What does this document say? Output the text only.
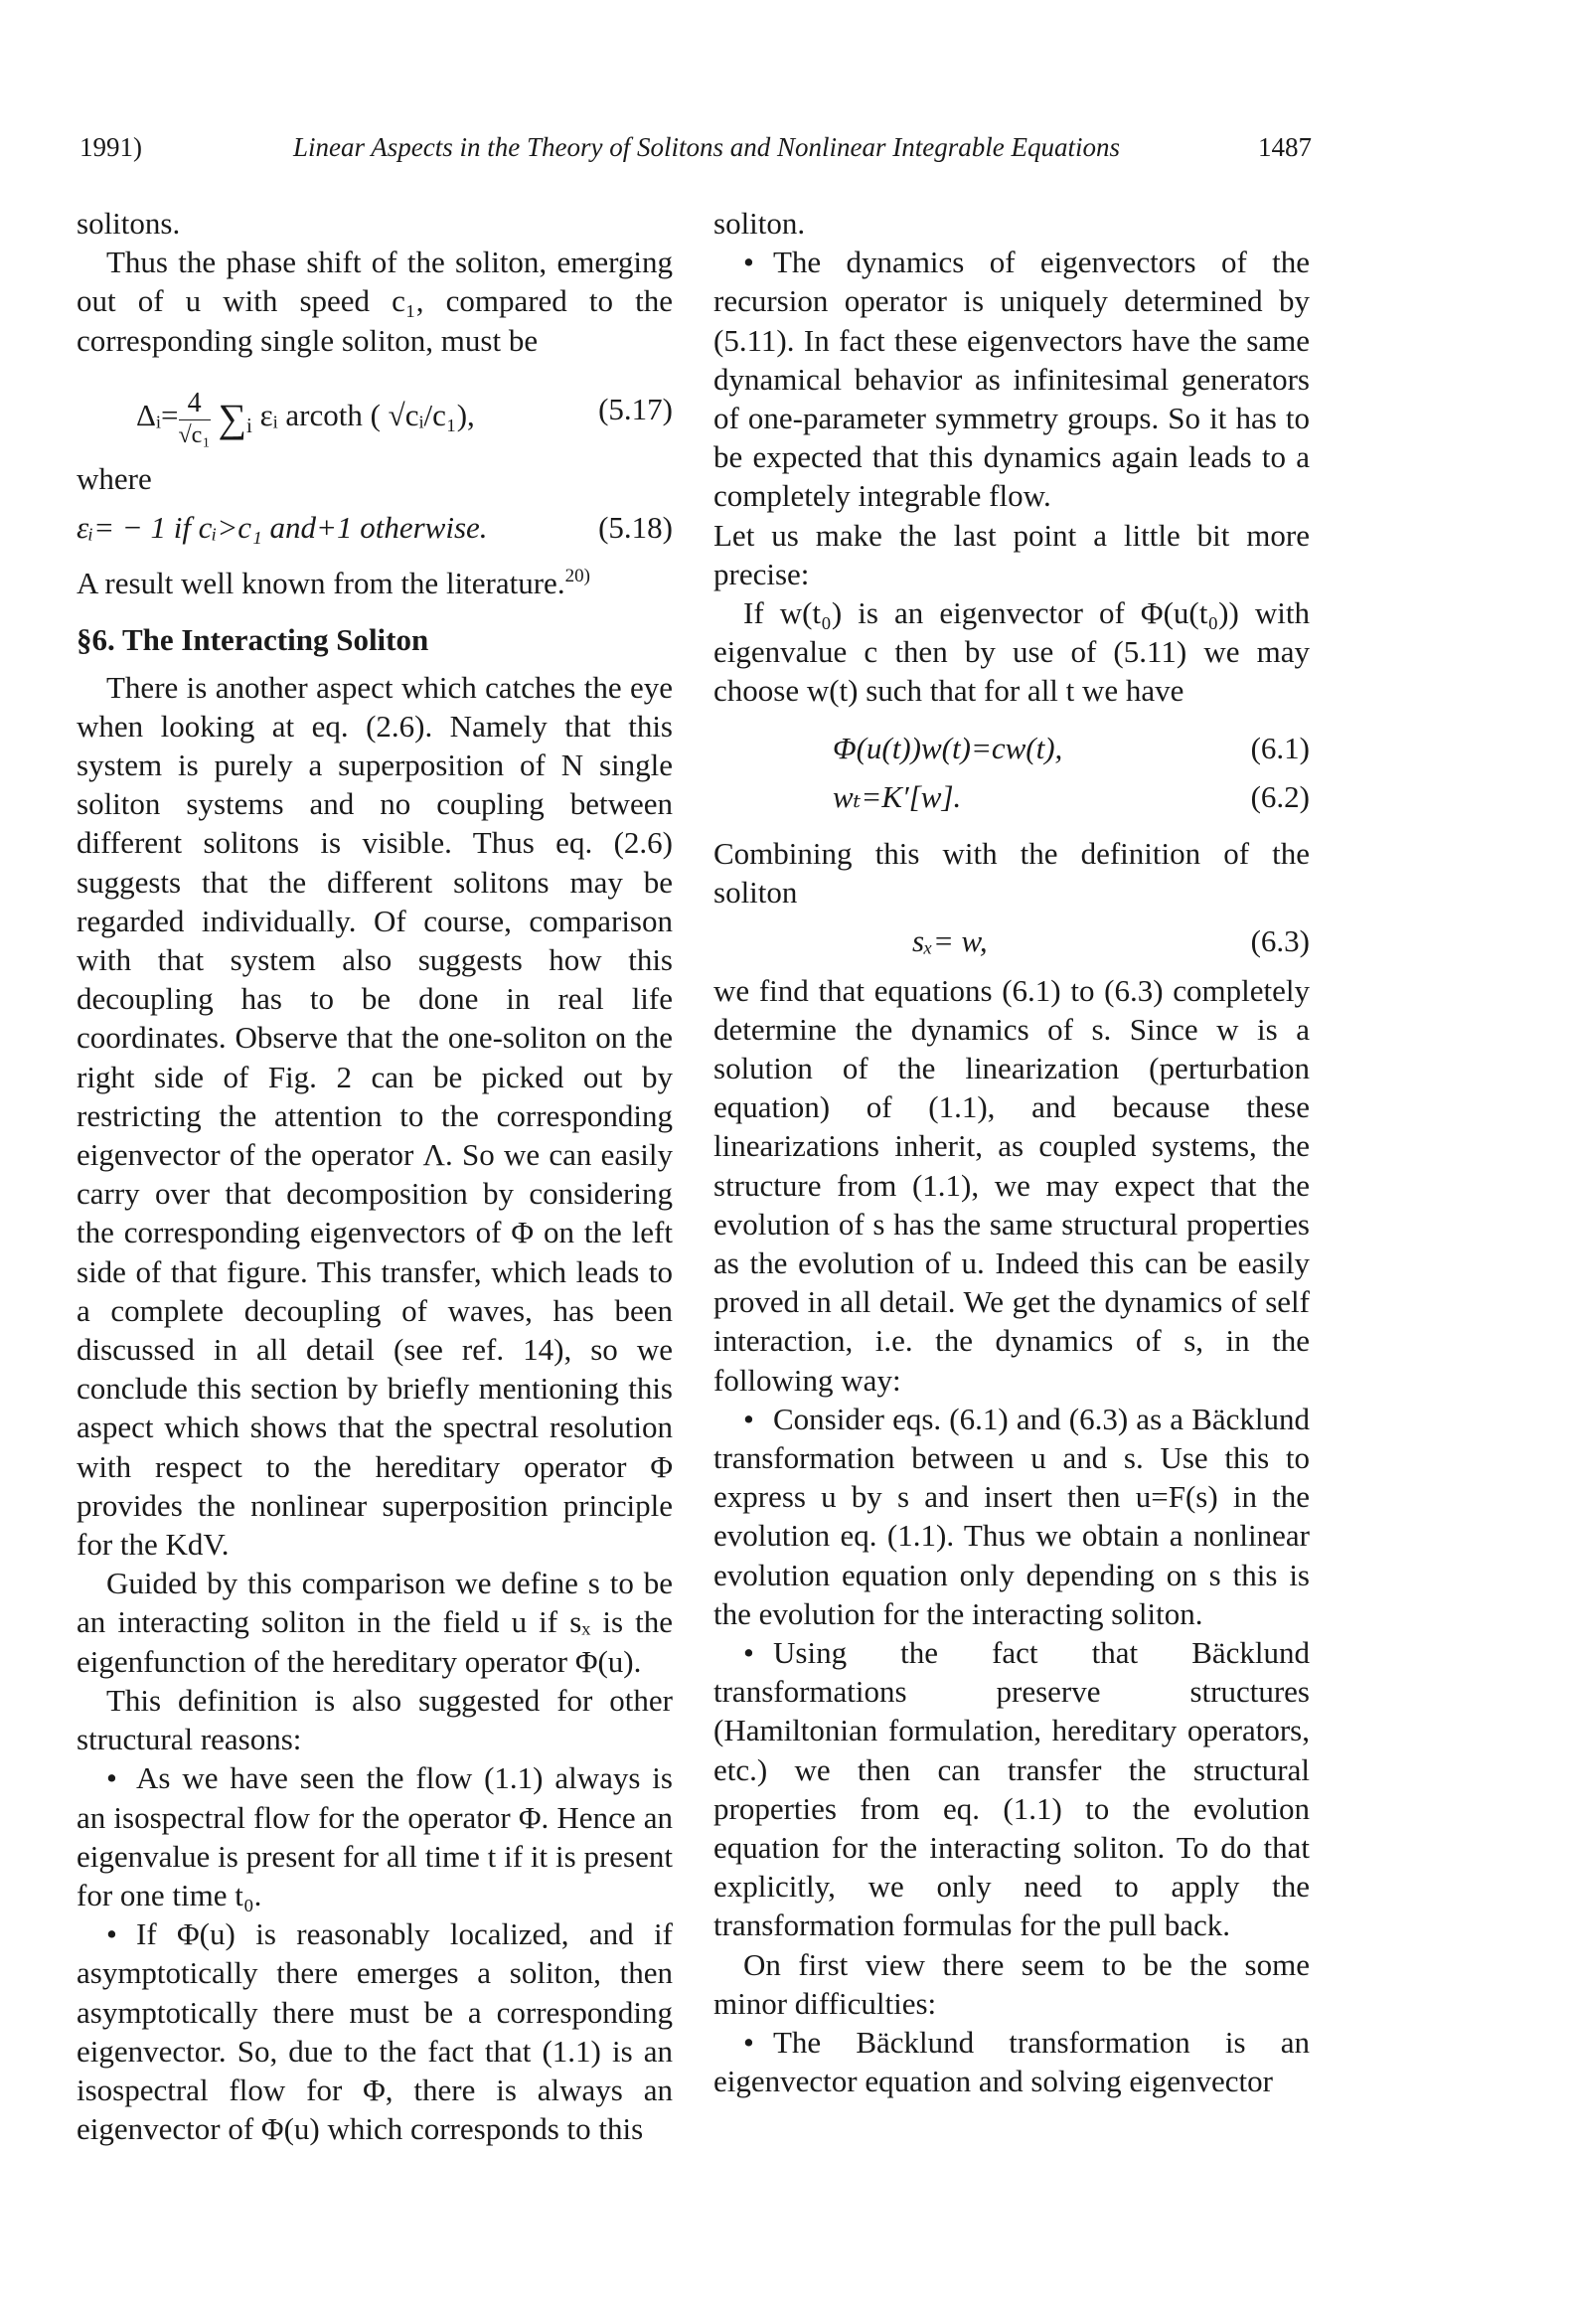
1991)	Linear Aspects in the Theory of Solitons and Nonlinear Integrable Equations	1487

solitons.

Thus the phase shift of the soliton, emerging out of u with speed c₁, compared to the corresponding single soliton, must be

Δᵢ= $\frac{4}{\text{√c₁}} \sum_i$ εᵢ arcoth ( √cᵢ/c₁),	(5.17)

where

εᵢ= − 1 if cᵢ>c₁ and+1 otherwise.	(5.18)

A result well known from the literature.$^{20)}$

§6. The Interacting Soliton

There is another aspect which catches the eye when looking at eq. (2.6). Namely that this system is purely a superposition of N single soliton systems and no coupling between different solitons is visible. Thus eq. (2.6) suggests that the different solitons may be regarded individually. Of course, comparison with that system also suggests how this decoupling has to be done in real life coordinates. Observe that the one-soliton on the right side of Fig. 2 can be picked out by restricting the attention to the corresponding eigenvector of the operator Λ. So we can easily carry over that decomposition by considering the corresponding eigenvectors of Φ on the left side of that figure. This transfer, which leads to a complete decoupling of waves, has been discussed in all detail (see ref. 14), so we conclude this section by briefly mentioning this aspect which shows that the spectral resolution with respect to the hereditary operator Φ provides the nonlinear superposition principle for the KdV.

Guided by this comparison we define s to be an interacting soliton in the field u if sₓ is the eigenfunction of the hereditary operator Φ(u).

This definition is also suggested for other structural reasons:

• As we have seen the flow (1.1) always is an isospectral flow for the operator Φ. Hence an eigenvalue is present for all time t if it is present for one time t₀.

• If Φ(u) is reasonably localized, and if asymptotically there emerges a soliton, then asymptotically there must be a corresponding eigenvector. So, due to the fact that (1.1) is an isospectral flow for Φ, there is always an eigenvector of Φ(u) which corresponds to this

soliton.

• The dynamics of eigenvectors of the recursion operator is uniquely determined by (5.11). In fact these eigenvectors have the same dynamical behavior as infinitesimal generators of one-parameter symmetry groups. So it has to be expected that this dynamics again leads to a completely integrable flow.

Let us make the last point a little bit more precise:

If w(t₀) is an eigenvector of Φ(u(t₀)) with eigenvalue c then by use of (5.11) we may choose w(t) such that for all t we have

Φ(u(t))w(t)=cw(t),	(6.1)
wₜ=K′[w].	(6.2)

Combining this with the definition of the soliton

sₓ= w,	(6.3)

we find that equations (6.1) to (6.3) completely determine the dynamics of s. Since w is a solution of the linearization (perturbation equation) of (1.1), and because these linearizations inherit, as coupled systems, the structure from (1.1), we may expect that the evolution of s has the same structural properties as the evolution of u. Indeed this can be easily proved in all detail. We get the dynamics of self interaction, i.e. the dynamics of s, in the following way:

• Consider eqs. (6.1) and (6.3) as a Bäcklund transformation between u and s. Use this to express u by s and insert then u=F(s) in the evolution eq. (1.1). Thus we obtain a nonlinear evolution equation only depending on s this is the evolution for the interacting soliton.

• Using the fact that Bäcklund transformations preserve structures (Hamiltonian formulation, hereditary operators, etc.) we then can transfer the structural properties from eq. (1.1) to the evolution equation for the interacting soliton. To do that explicitly, we only need to apply the transformation formulas for the pull back.

On first view there seem to be the some minor difficulties:

• The Bäcklund transformation is an eigenvector equation and solving eigenvector
